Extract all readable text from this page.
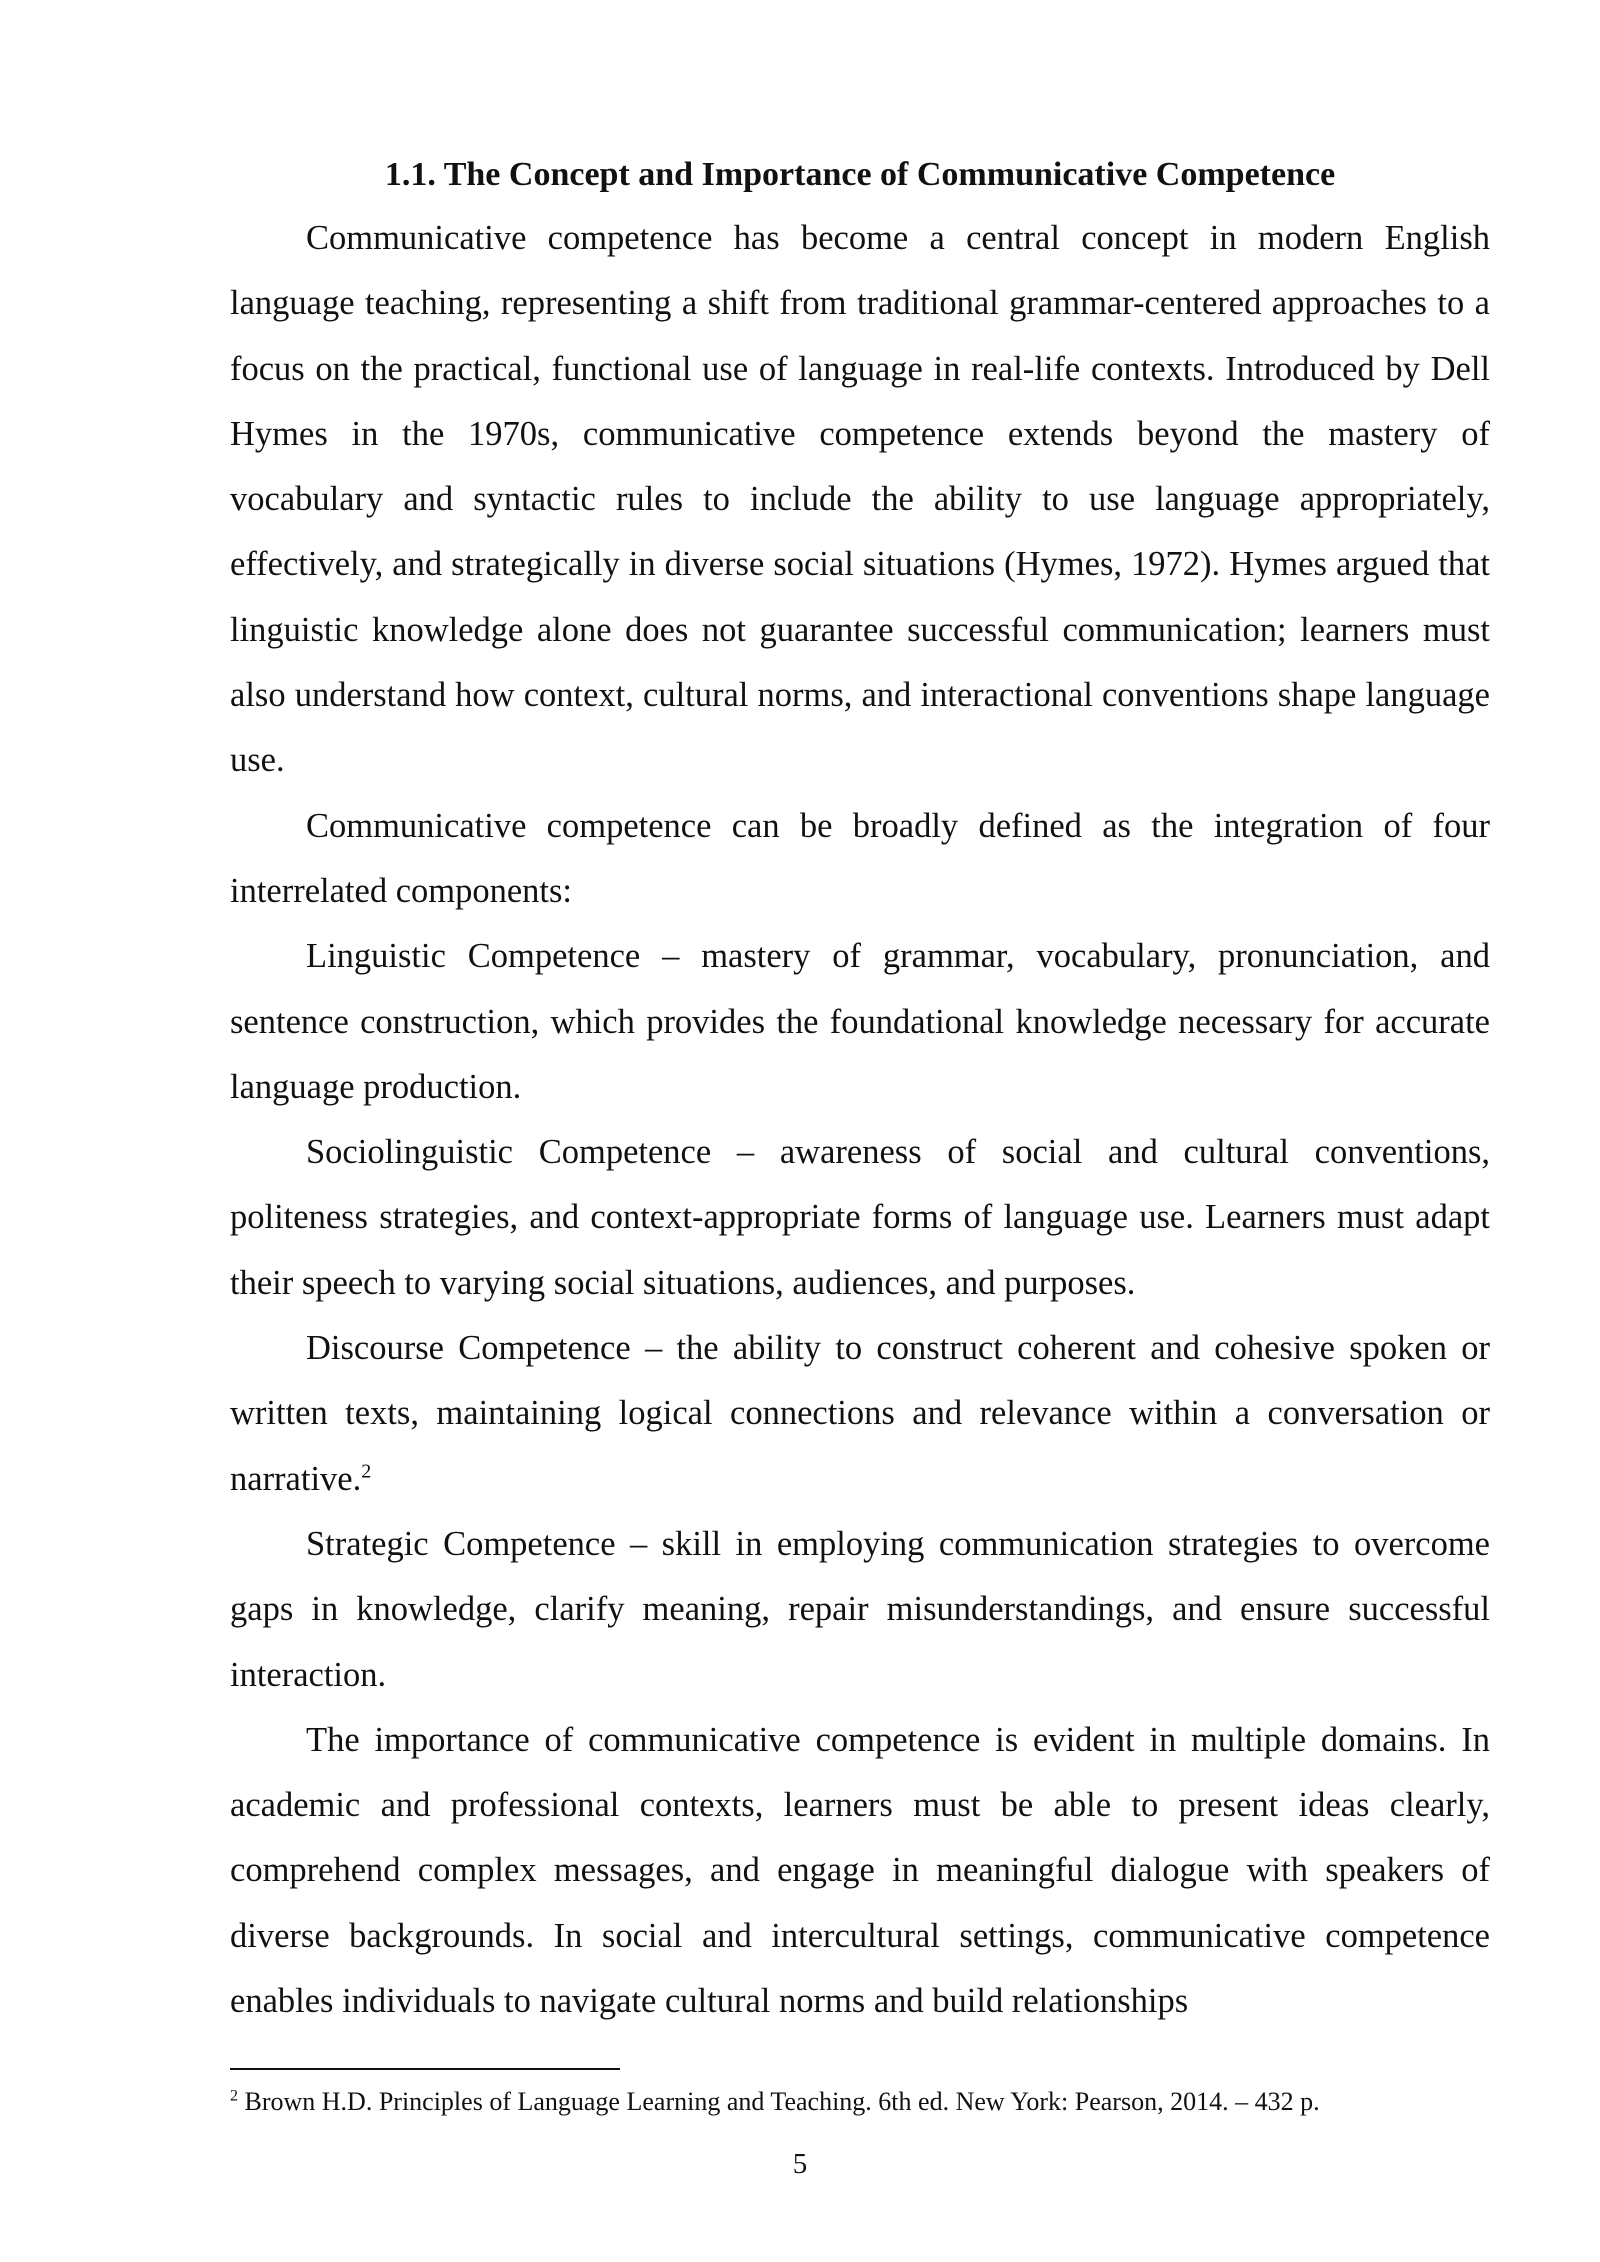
1.1. The Concept and Importance of Communicative Competence

Communicative competence has become a central concept in modern English language teaching, representing a shift from traditional grammar-centered approaches to a focus on the practical, functional use of language in real-life contexts. Introduced by Dell Hymes in the 1970s, communicative competence extends beyond the mastery of vocabulary and syntactic rules to include the ability to use language appropriately, effectively, and strategically in diverse social situations (Hymes, 1972). Hymes argued that linguistic knowledge alone does not guarantee successful communication; learners must also understand how context, cultural norms, and interactional conventions shape language use.

Communicative competence can be broadly defined as the integration of four interrelated components:

Linguistic Competence – mastery of grammar, vocabulary, pronunciation, and sentence construction, which provides the foundational knowledge necessary for accurate language production.

Sociolinguistic Competence – awareness of social and cultural conventions, politeness strategies, and context-appropriate forms of language use. Learners must adapt their speech to varying social situations, audiences, and purposes.

Discourse Competence – the ability to construct coherent and cohesive spoken or written texts, maintaining logical connections and relevance within a conversation or narrative.$^2$

Strategic Competence – skill in employing communication strategies to overcome gaps in knowledge, clarify meaning, repair misunderstandings, and ensure successful interaction.

The importance of communicative competence is evident in multiple domains. In academic and professional contexts, learners must be able to present ideas clearly, comprehend complex messages, and engage in meaningful dialogue with speakers of diverse backgrounds. In social and intercultural settings, communicative competence enables individuals to navigate cultural norms and build relationships

$^2$ Brown H.D. Principles of Language Learning and Teaching. 6th ed. New York: Pearson, 2014. – 432 p.

5
